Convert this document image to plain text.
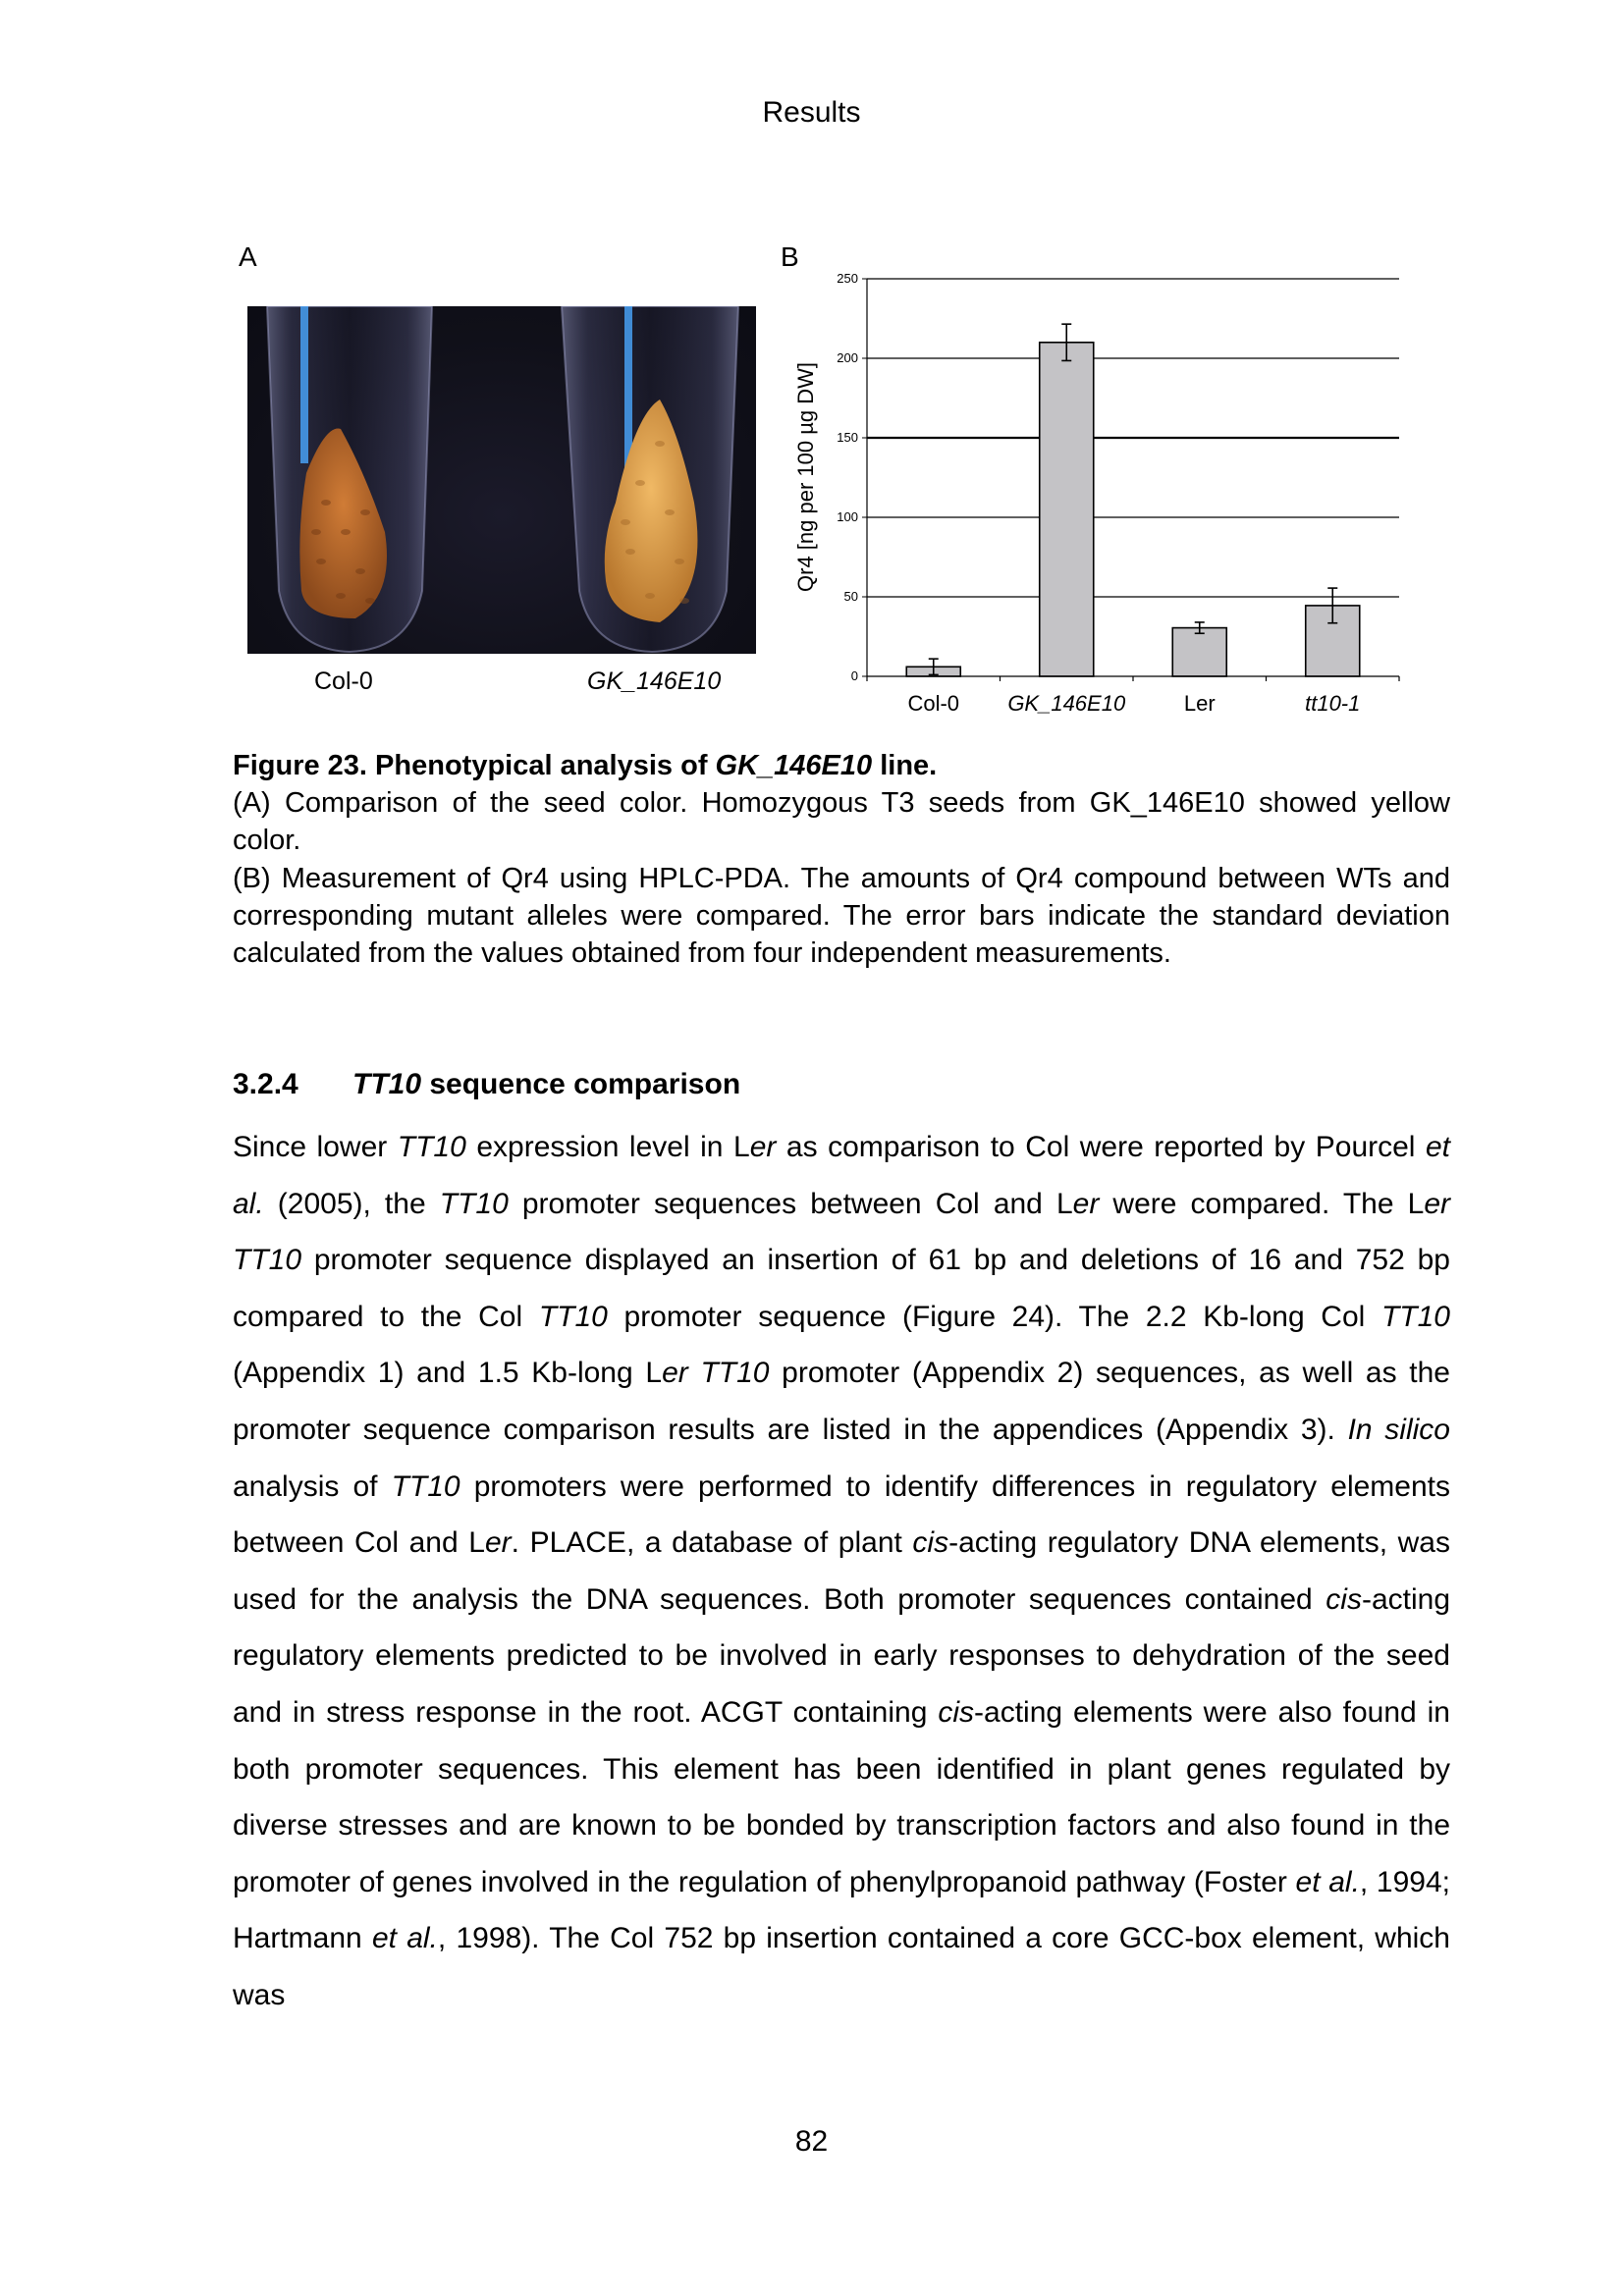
Results
A
Col-0	GK_146E10
B
0
50
100
150
200
250
Col-0 GK_146E10	Ler	tt10-1
Qr4 [ng per 100 µg DW]
Figure 23. Phenotypical analysis of GK_146E10 line.
(A) Comparison of the seed color. Homozygous T3 seeds from GK_146E10 showed yellow color.
(B) Measurement of Qr4 using HPLC-PDA. The amounts of Qr4 compound between WTs and corresponding mutant alleles were compared. The error bars indicate the standard deviation calculated from the values obtained from four independent measurements.
3.2.4 TT10 sequence comparison

Since lower TT10 expression level in Ler as comparison to Col were reported by Pourcel et al. (2005), the TT10 promoter sequences between Col and Ler were compared. The Ler TT10 promoter sequence displayed an insertion of 61 bp and deletions of 16 and 752 bp compared to the Col TT10 promoter sequence (Figure 24). The 2.2 Kb-long Col TT10 (Appendix 1) and 1.5 Kb-long Ler TT10 promoter (Appendix 2) sequences, as well as the promoter sequence comparison results are listed in the appendices (Appendix 3). In silico analysis of TT10 promoters were performed to identify differences in regulatory elements between Col and Ler. PLACE, a database of plant cis-acting regulatory DNA elements, was used for the analysis the DNA sequences. Both promoter sequences contained cis-acting regulatory elements predicted to be involved in early responses to dehydration of the seed and in stress response in the root. ACGT containing cis-acting elements were also found in both promoter sequences. This element has been identified in plant genes regulated by diverse stresses and are known to be bonded by transcription factors and also found in the promoter of genes involved in the regulation of phenylpropanoid pathway (Foster et al., 1994; Hartmann et al., 1998). The Col 752 bp insertion contained a core GCC-box element, which was

82
